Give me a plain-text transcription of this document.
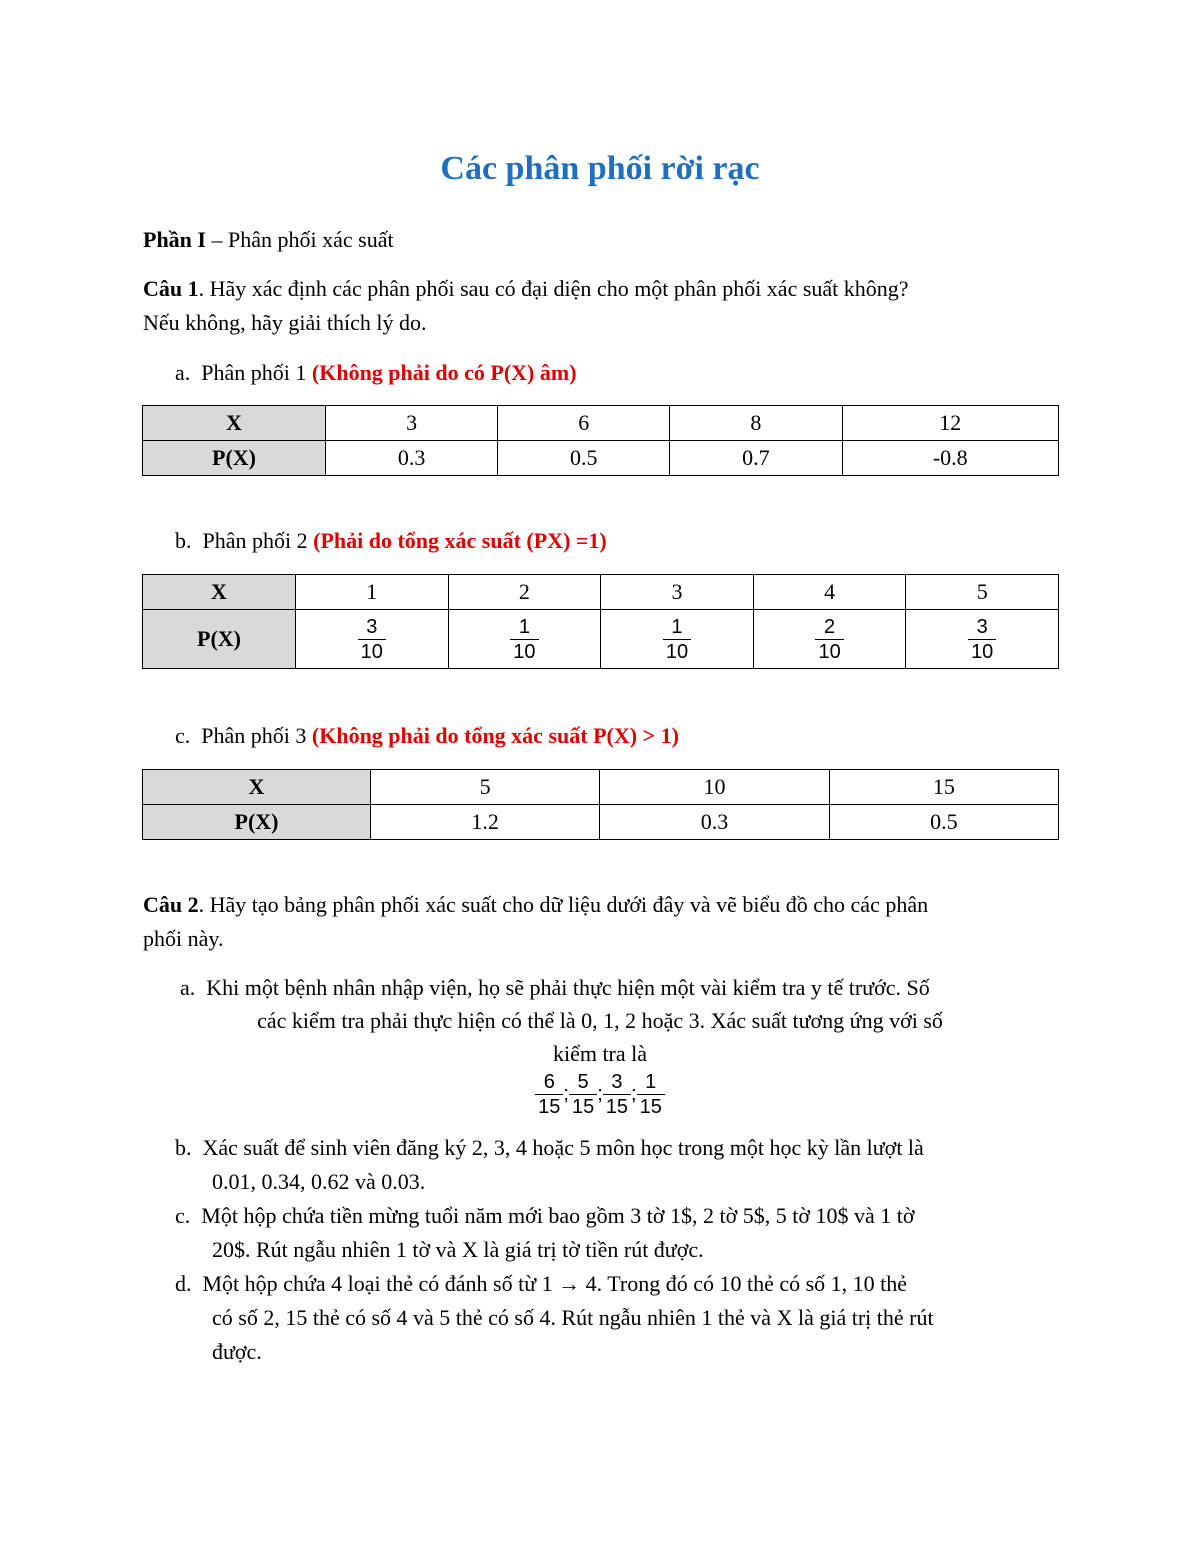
Các phân phối rời rạc
Phần I – Phân phối xác suất
Câu 1. Hãy xác định các phân phối sau có đại diện cho một phân phối xác suất không?
Nếu không, hãy giải thích lý do.
a. Phân phối 1 (Không phải do có P(X) âm)
X	3	6	8	12
P(X)	0.3	0.5	0.7	-0.8
b. Phân phối 2 (Phải do tổng xác suất (PX) =1)
X	1	2	3	4	5
P(X)	$\frac{3}{10}$	$\frac{1}{10}$	$\frac{1}{10}$	$\frac{2}{10}$	$\frac{3}{10}$
c. Phân phối 3 (Không phải do tổng xác suất P(X) > 1)
X	5	10	15
P(X)	1.2	0.3	0.5
Câu 2. Hãy tạo bảng phân phối xác suất cho dữ liệu dưới đây và vẽ biểu đồ cho các phân
phối này.
a. Khi một bệnh nhân nhập viện, họ sẽ phải thực hiện một vài kiểm tra y tế trước. Số
các kiểm tra phải thực hiện có thể là 0, 1, 2 hoặc 3. Xác suất tương ứng với số
kiểm tra là
$\frac{6}{15}$ ; $\frac{5}{15}$ ; $\frac{3}{15}$ ; $\frac{1}{15}$
b. Xác suất để sinh viên đăng ký 2, 3, 4 hoặc 5 môn học trong một học kỳ lần lượt là
0.01, 0.34, 0.62 và 0.03.
c. Một hộp chứa tiền mừng tuổi năm mới bao gồm 3 tờ 1$, 2 tờ 5$, 5 tờ 10$ và 1 tờ
20$. Rút ngẫu nhiên 1 tờ và X là giá trị tờ tiền rút được.
d. Một hộp chứa 4 loại thẻ có đánh số từ 1 → 4. Trong đó có 10 thẻ có số 1, 10 thẻ
có số 2, 15 thẻ có số 4 và 5 thẻ có số 4. Rút ngẫu nhiên 1 thẻ và X là giá trị thẻ rút
được.
